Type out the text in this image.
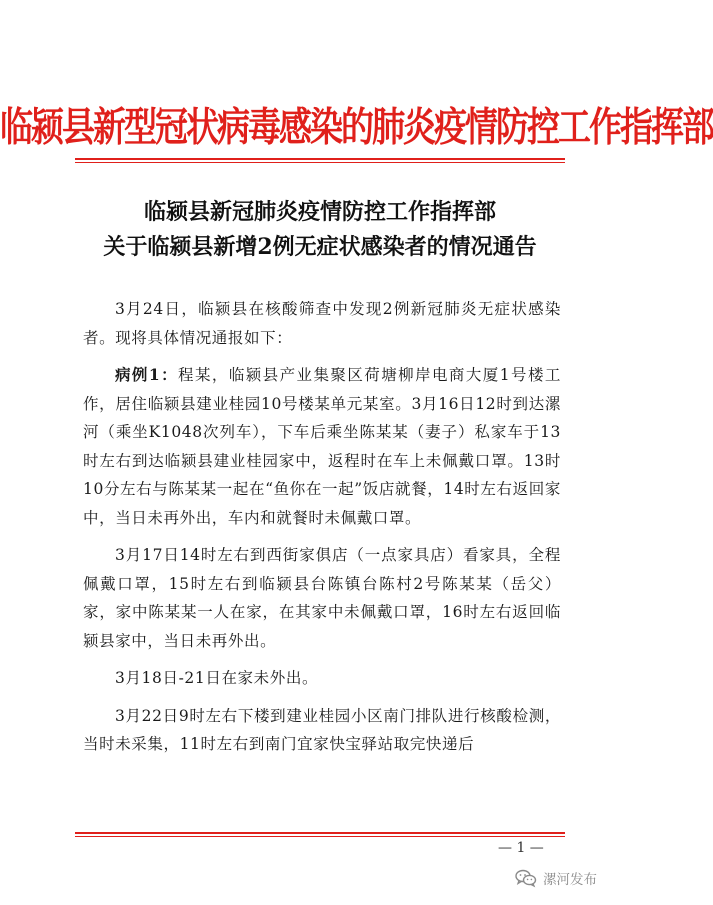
临颍县新型冠状病毒感染的肺炎疫情防控工作指挥部
临颍县新冠肺炎疫情防控工作指挥部
关于临颍县新增2例无症状感染者的情况通告

3月24日，临颍县在核酸筛查中发现2例新冠肺炎无症状感染者。现将具体情况通报如下：

病例1：程某，临颍县产业集聚区荷塘柳岸电商大厦1号楼工作，居住临颍县建业桂园10号楼某单元某室。3月16日12时到达漯河（乘坐K1048次列车），下车后乘坐陈某某（妻子）私家车于13时左右到达临颍县建业桂园家中，返程时在车上未佩戴口罩。13时10分左右与陈某某一起在“鱼你在一起”饭店就餐，14时左右返回家中，当日未再外出，车内和就餐时未佩戴口罩。

3月17日14时左右到西街家俱店（一点家具店）看家具，全程佩戴口罩，15时左右到临颍县台陈镇台陈村2号陈某某（岳父）家，家中陈某某一人在家，在其家中未佩戴口罩，16时左右返回临颍县家中，当日未再外出。

3月18日-21日在家未外出。

3月22日9时左右下楼到建业桂园小区南门排队进行核酸检测，当时未采集，11时左右到南门宜家快宝驿站取完快递后

— 1 —
漯河发布
